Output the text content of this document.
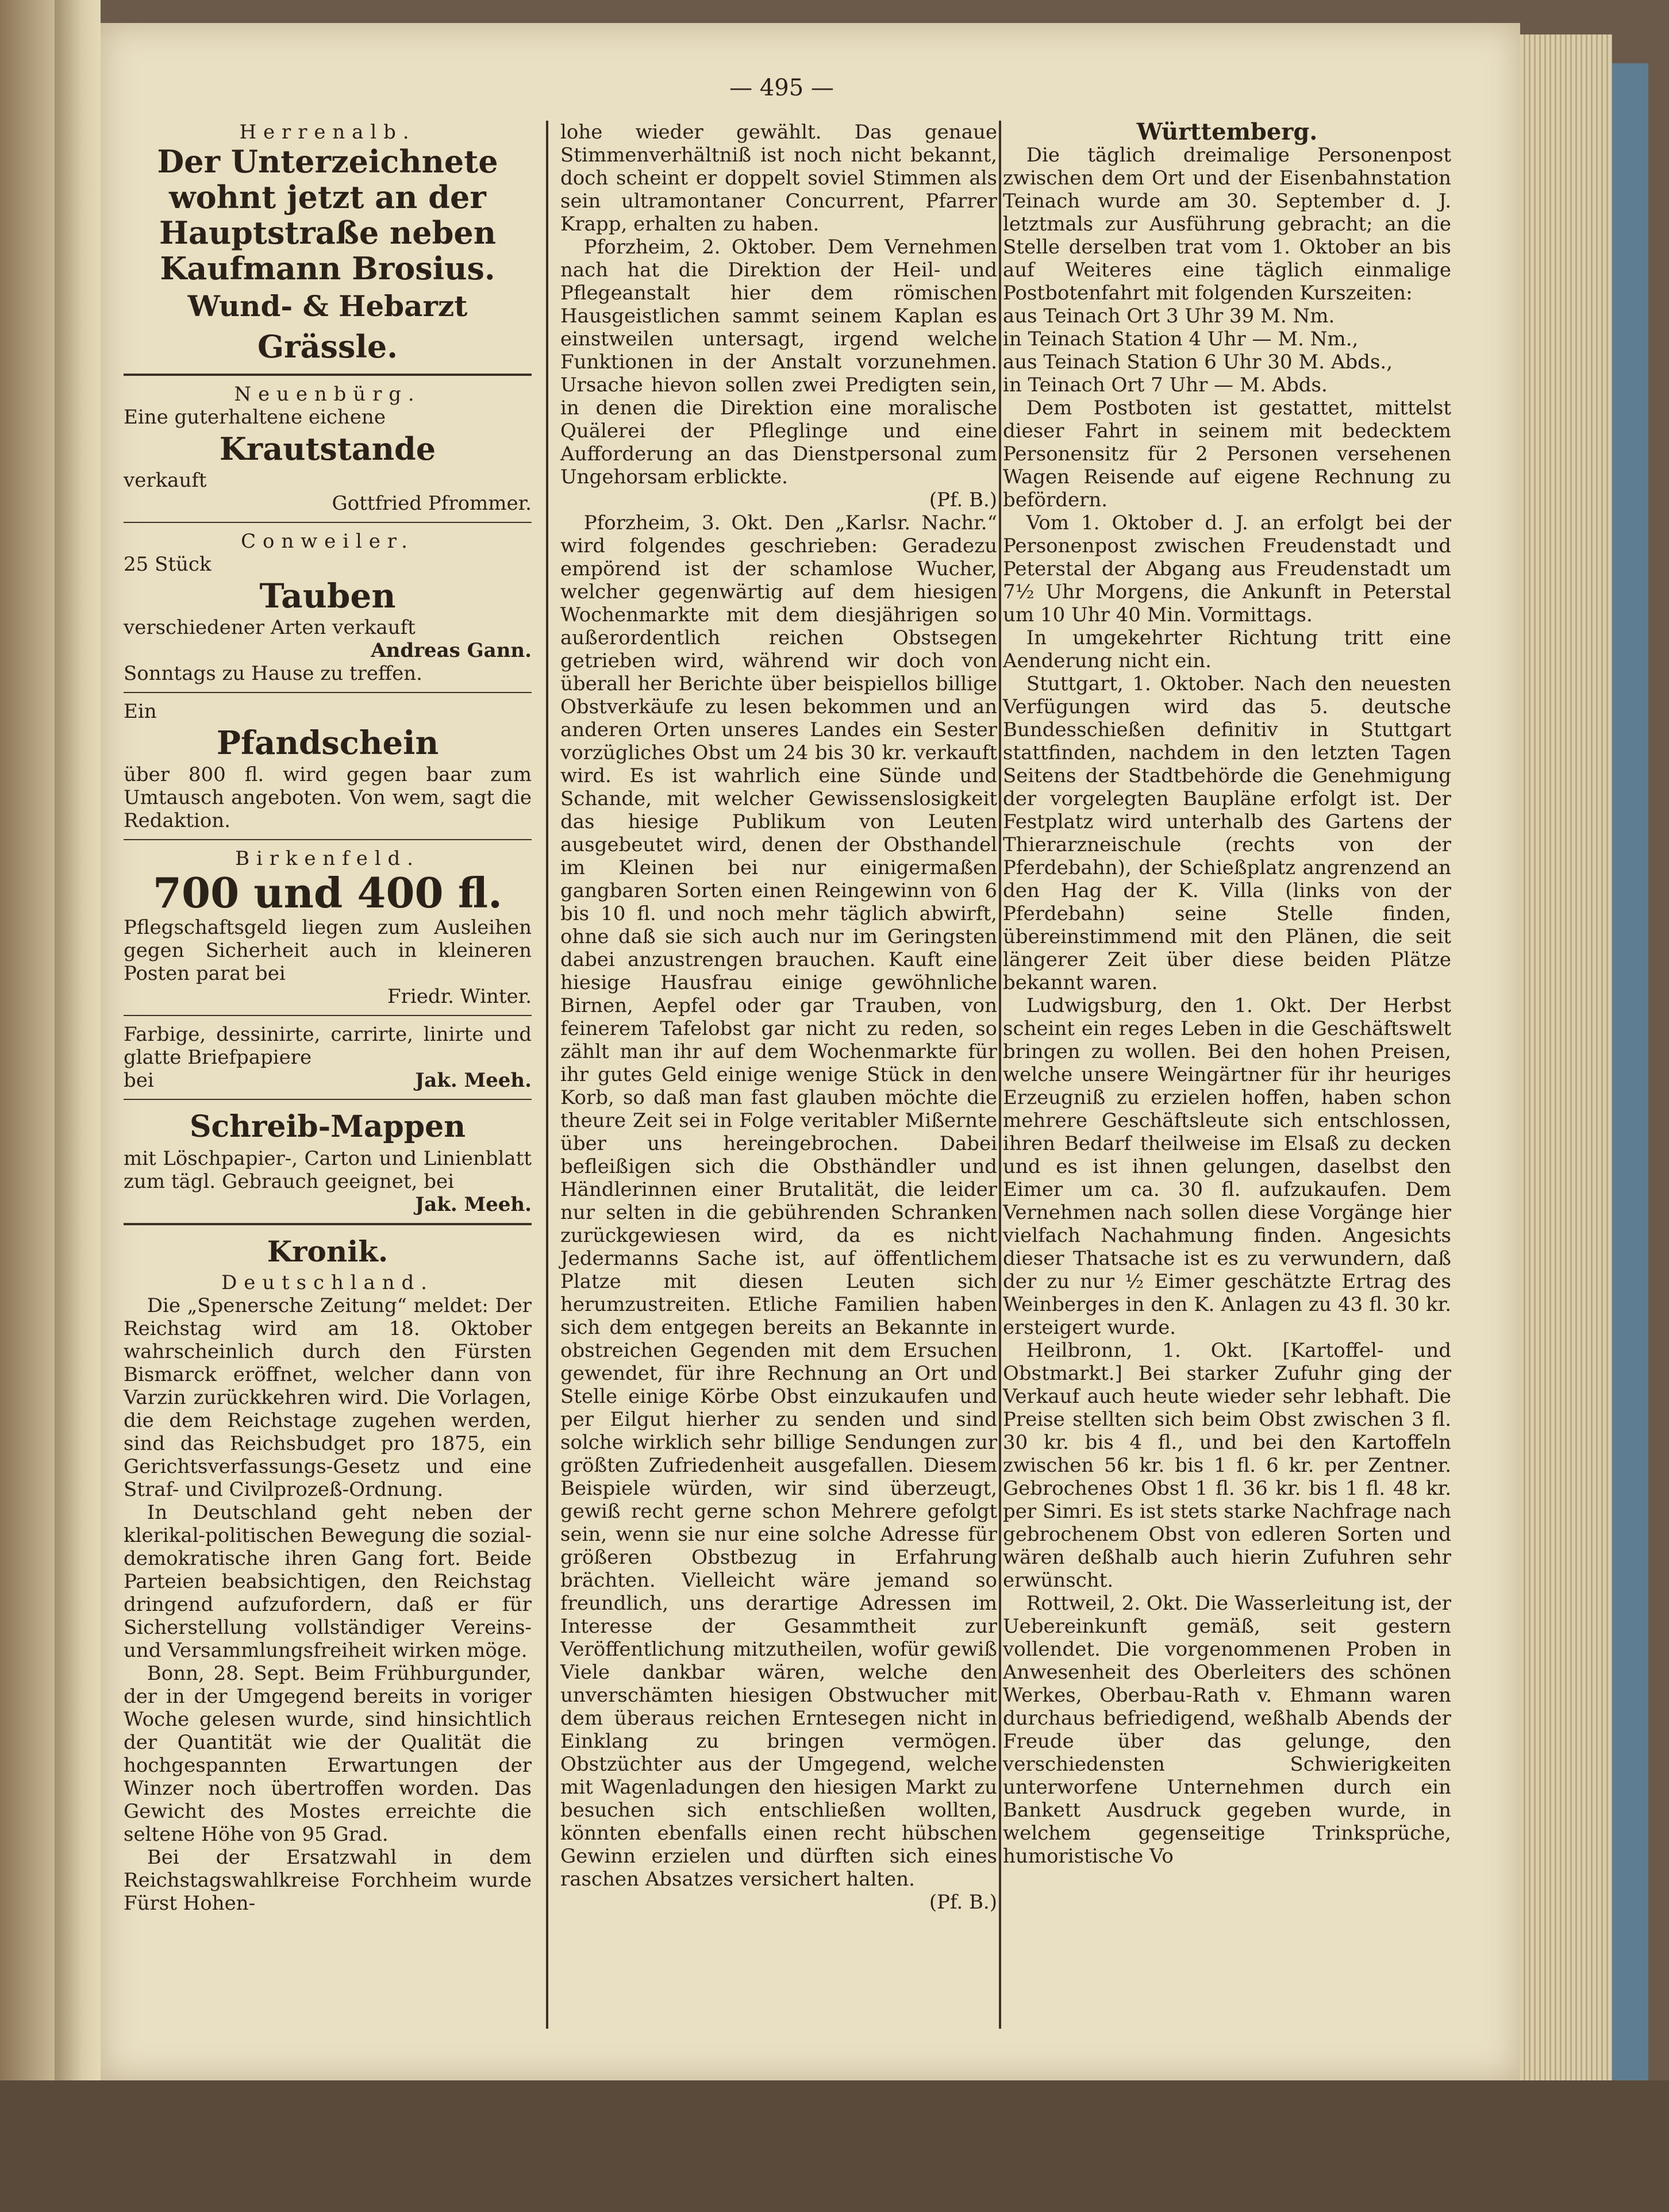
— 495 —

Herrenalb.

Der Unterzeichnete wohnt jetzt an der Hauptstraße neben Kaufmann Brosius.

Wund- & Hebarzt

Grässle.

Neuenbürg.

Eine guterhaltene eichene

Krautstande

verkauft

Gottfried Pfrommer.

Conweiler.

25 Stück

Tauben

verschiedener Arten verkauft

Andreas Gann.

Sonntags zu Hause zu treffen.

Ein

Pfandschein

über 800 fl. wird gegen baar zum Umtausch angeboten. Von wem, sagt die Redaktion.

Birkenfeld.

700 und 400 fl.

Pflegschaftsgeld liegen zum Ausleihen gegen Sicherheit auch in kleineren Posten parat bei

Friedr. Winter.

Farbige, dessinirte, carrirte, linirte und glatte Briefpapiere

bei	Jak. Meeh.

Schreib-Mappen

mit Löschpapier-, Carton und Linienblatt zum tägl. Gebrauch geeignet, bei

Jak. Meeh.

Kronik.

Deutschland.

Die „Spenersche Zeitung“ meldet: Der Reichstag wird am 18. Oktober wahrscheinlich durch den Fürsten Bismarck eröffnet, welcher dann von Varzin zurückkehren wird. Die Vorlagen, die dem Reichstage zugehen werden, sind das Reichsbudget pro 1875, ein Gerichtsverfassungs-Gesetz und eine Straf- und Civilprozeß-Ordnung.

In Deutschland geht neben der klerikal-politischen Bewegung die sozial-demokratische ihren Gang fort. Beide Parteien beabsichtigen, den Reichstag dringend aufzufordern, daß er für Sicherstellung vollständiger Vereins- und Versammlungsfreiheit wirken möge.

Bonn, 28. Sept. Beim Frühburgunder, der in der Umgegend bereits in voriger Woche gelesen wurde, sind hinsichtlich der Quantität wie der Qualität die hochgespannten Erwartungen der Winzer noch übertroffen worden. Das Gewicht des Mostes erreichte die seltene Höhe von 95 Grad.

Bei der Ersatzwahl in dem Reichstagswahlkreise Forchheim wurde Fürst Hohen-

lohe wieder gewählt. Das genaue Stimmenverhältniß ist noch nicht bekannt, doch scheint er doppelt soviel Stimmen als sein ultramontaner Concurrent, Pfarrer Krapp, erhalten zu haben.

Pforzheim, 2. Oktober. Dem Vernehmen nach hat die Direktion der Heil- und Pflegeanstalt hier dem römischen Hausgeistlichen sammt seinem Kaplan es einstweilen untersagt, irgend welche Funktionen in der Anstalt vorzunehmen. Ursache hievon sollen zwei Predigten sein, in denen die Direktion eine moralische Quälerei der Pfleglinge und eine Aufforderung an das Dienstpersonal zum Ungehorsam erblickte.

(Pf. B.)

Pforzheim, 3. Okt. Den „Karlsr. Nachr.“ wird folgendes geschrieben: Geradezu empörend ist der schamlose Wucher, welcher gegenwärtig auf dem hiesigen Wochenmarkte mit dem diesjährigen so außerordentlich reichen Obstsegen getrieben wird, während wir doch von überall her Berichte über beispiellos billige Obstverkäufe zu lesen bekommen und an anderen Orten unseres Landes ein Sester vorzügliches Obst um 24 bis 30 kr. verkauft wird. Es ist wahrlich eine Sünde und Schande, mit welcher Gewissenslosigkeit das hiesige Publikum von Leuten ausgebeutet wird, denen der Obsthandel im Kleinen bei nur einigermaßen gangbaren Sorten einen Reingewinn von 6 bis 10 fl. und noch mehr täglich abwirft, ohne daß sie sich auch nur im Geringsten dabei anzustrengen brauchen. Kauft eine hiesige Hausfrau einige gewöhnliche Birnen, Aepfel oder gar Trauben, von feinerem Tafelobst gar nicht zu reden, so zählt man ihr auf dem Wochenmarkte für ihr gutes Geld einige wenige Stück in den Korb, so daß man fast glauben möchte die theure Zeit sei in Folge veritabler Mißernte über uns hereingebrochen. Dabei befleißigen sich die Obsthändler und Händlerinnen einer Brutalität, die leider nur selten in die gebührenden Schranken zurückgewiesen wird, da es nicht Jedermanns Sache ist, auf öffentlichem Platze mit diesen Leuten sich herumzustreiten. Etliche Familien haben sich dem entgegen bereits an Bekannte in obstreichen Gegenden mit dem Ersuchen gewendet, für ihre Rechnung an Ort und Stelle einige Körbe Obst einzukaufen und per Eilgut hierher zu senden und sind solche wirklich sehr billige Sendungen zur größten Zufriedenheit ausgefallen. Diesem Beispiele würden, wir sind überzeugt, gewiß recht gerne schon Mehrere gefolgt sein, wenn sie nur eine solche Adresse für größeren Obstbezug in Erfahrung brächten. Vielleicht wäre jemand so freundlich, uns derartige Adressen im Interesse der Gesammtheit zur Veröffentlichung mitzutheilen, wofür gewiß Viele dankbar wären, welche den unverschämten hiesigen Obstwucher mit dem überaus reichen Erntesegen nicht in Einklang zu bringen vermögen. Obstzüchter aus der Umgegend, welche mit Wagenladungen den hiesigen Markt zu besuchen sich entschließen wollten, könnten ebenfalls einen recht hübschen Gewinn erzielen und dürften sich eines raschen Absatzes versichert halten.

(Pf. B.)

Württemberg.

Die täglich dreimalige Personenpost zwischen dem Ort und der Eisenbahnstation Teinach wurde am 30. September d. J. letztmals zur Ausführung gebracht; an die Stelle derselben trat vom 1. Oktober an bis auf Weiteres eine täglich einmalige Postbotenfahrt mit folgenden Kurszeiten:

aus Teinach Ort 3 Uhr 39 M. Nm.

in Teinach Station 4 Uhr — M. Nm.,

aus Teinach Station 6 Uhr 30 M. Abds.,

in Teinach Ort 7 Uhr — M. Abds.

Dem Postboten ist gestattet, mittelst dieser Fahrt in seinem mit bedecktem Personensitz für 2 Personen versehenen Wagen Reisende auf eigene Rechnung zu befördern.

Vom 1. Oktober d. J. an erfolgt bei der Personenpost zwischen Freudenstadt und Peterstal der Abgang aus Freudenstadt um 7½ Uhr Morgens, die Ankunft in Peterstal um 10 Uhr 40 Min. Vormittags.

In umgekehrter Richtung tritt eine Aenderung nicht ein.

Stuttgart, 1. Oktober. Nach den neuesten Verfügungen wird das 5. deutsche Bundesschießen definitiv in Stuttgart stattfinden, nachdem in den letzten Tagen Seitens der Stadtbehörde die Genehmigung der vorgelegten Baupläne erfolgt ist. Der Festplatz wird unterhalb des Gartens der Thierarzneischule (rechts von der Pferdebahn), der Schießplatz angrenzend an den Hag der K. Villa (links von der Pferdebahn) seine Stelle finden, übereinstimmend mit den Plänen, die seit längerer Zeit über diese beiden Plätze bekannt waren.

Ludwigsburg, den 1. Okt. Der Herbst scheint ein reges Leben in die Geschäftswelt bringen zu wollen. Bei den hohen Preisen, welche unsere Weingärtner für ihr heuriges Erzeugniß zu erzielen hoffen, haben schon mehrere Geschäftsleute sich entschlossen, ihren Bedarf theilweise im Elsaß zu decken und es ist ihnen gelungen, daselbst den Eimer um ca. 30 fl. aufzukaufen. Dem Vernehmen nach sollen diese Vorgänge hier vielfach Nachahmung finden. Angesichts dieser Thatsache ist es zu verwundern, daß der zu nur ½ Eimer geschätzte Ertrag des Weinberges in den K. Anlagen zu 43 fl. 30 kr. ersteigert wurde.

Heilbronn, 1. Okt. [Kartoffel- und Obstmarkt.] Bei starker Zufuhr ging der Verkauf auch heute wieder sehr lebhaft. Die Preise stellten sich beim Obst zwischen 3 fl. 30 kr. bis 4 fl., und bei den Kartoffeln zwischen 56 kr. bis 1 fl. 6 kr. per Zentner. Gebrochenes Obst 1 fl. 36 kr. bis 1 fl. 48 kr. per Simri. Es ist stets starke Nachfrage nach gebrochenem Obst von edleren Sorten und wären deßhalb auch hierin Zufuhren sehr erwünscht.

Rottweil, 2. Okt. Die Wasserleitung ist, der Uebereinkunft gemäß, seit gestern vollendet. Die vorgenommenen Proben in Anwesenheit des Oberleiters des schönen Werkes, Oberbau-Rath v. Ehmann waren durchaus befriedigend, weßhalb Abends der Freude über das gelunge, den verschiedensten Schwierigkeiten unterworfene Unternehmen durch ein Bankett Ausdruck gegeben wurde, in welchem gegenseitige Trinksprüche, humoristische Vo
